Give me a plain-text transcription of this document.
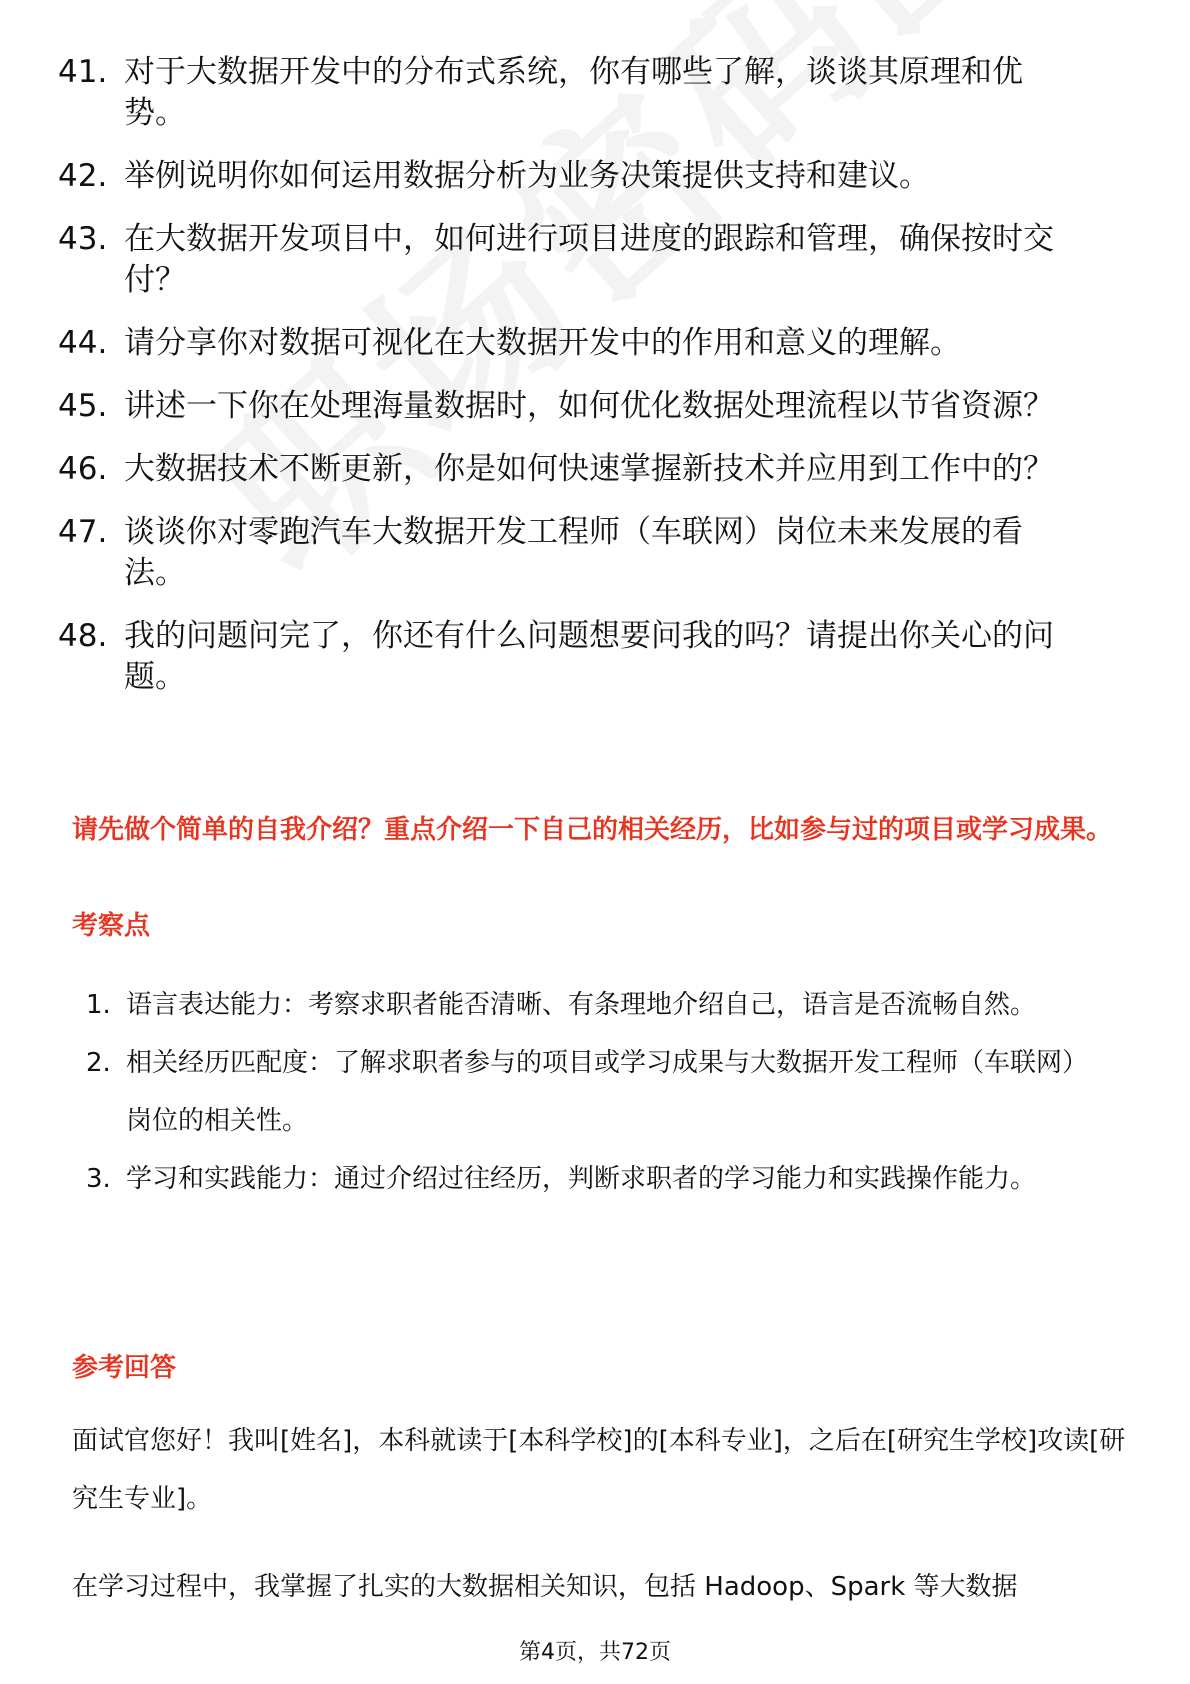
41. 对于大数据开发中的分布式系统，你有哪些了解，谈谈其原理和优势。
42. 举例说明你如何运用数据分析为业务决策提供支持和建议。
43. 在大数据开发项目中，如何进行项目进度的跟踪和管理，确保按时交付？
44. 请分享你对数据可视化在大数据开发中的作用和意义的理解。
45. 讲述一下你在处理海量数据时，如何优化数据处理流程以节省资源？
46. 大数据技术不断更新，你是如何快速掌握新技术并应用到工作中的？
47. 谈谈你对零跑汽车大数据开发工程师（车联网）岗位未来发展的看法。
48. 我的问题问完了，你还有什么问题想要问我的吗？请提出你关心的问题。
请先做个简单的自我介绍？重点介绍一下自己的相关经历，比如参与过的项目或学习成果。
考察点
1. 语言表达能力：考察求职者能否清晰、有条理地介绍自己，语言是否流畅自然。
2. 相关经历匹配度：了解求职者参与的项目或学习成果与大数据开发工程师（车联网）岗位的相关性。
3. 学习和实践能力：通过介绍过往经历，判断求职者的学习能力和实践操作能力。
参考回答

面试官您好！我叫[姓名]，本科就读于[本科学校]的[本科专业]，之后在[研究生学校]攻读[研究生专业]。

在学习过程中，我掌握了扎实的大数据相关知识，包括 Hadoop、Spark 等大数据

第4页，共72页
